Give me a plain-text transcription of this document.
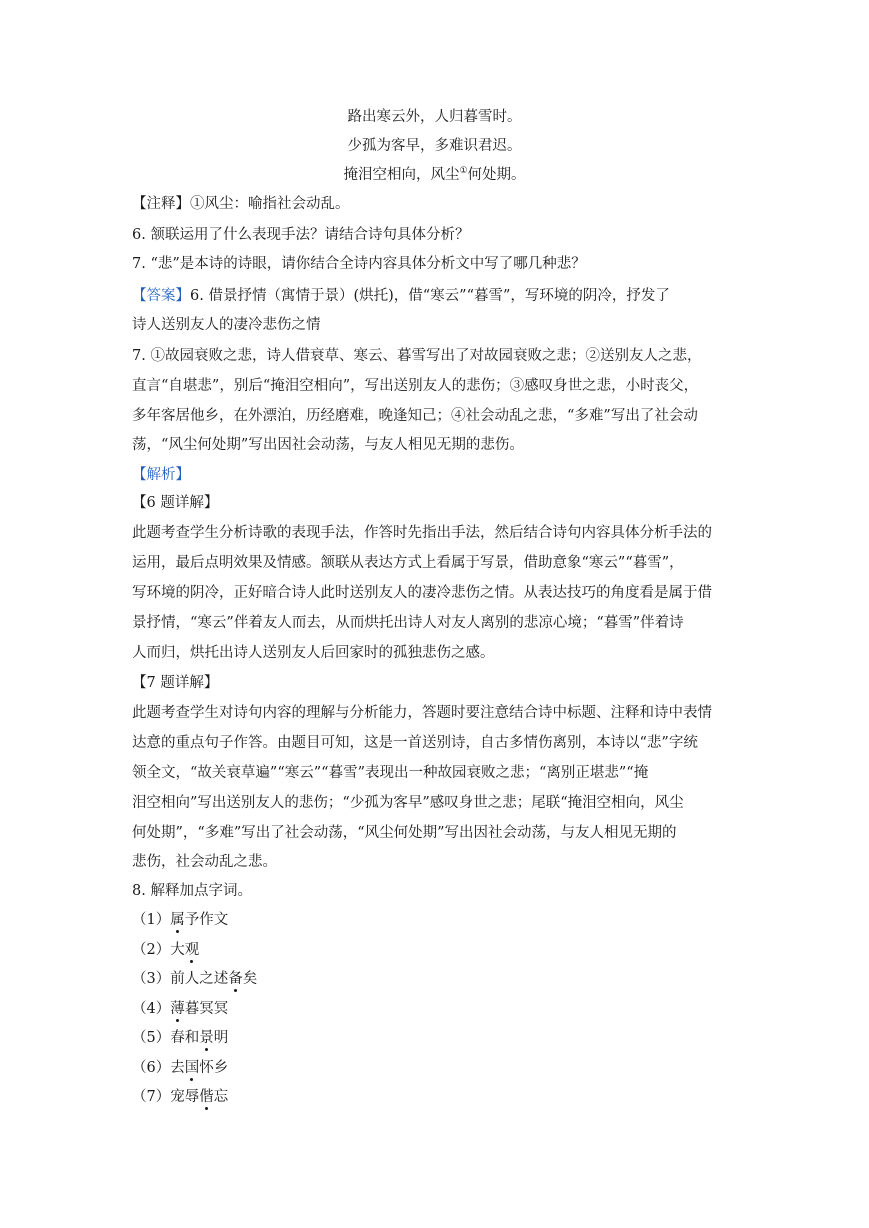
路出寒云外，人归暮雪时。
少孤为客早，多难识君迟。
掩泪空相向，风尘①何处期。
【注释】①风尘：喻指社会动乱。
6. 颔联运用了什么表现手法？请结合诗句具体分析？
7. “悲”是本诗的诗眼，请你结合全诗内容具体分析文中写了哪几种悲？
【答案】6. 借景抒情（寓情于景）(烘托)，借“寒云”“暮雪”，写环境的阴冷，抒发了
诗人送别友人的凄冷悲伤之情
7. ①故园衰败之悲，诗人借衰草、寒云、暮雪写出了对故园衰败之悲；②送别友人之悲，
直言“自堪悲”，别后“掩泪空相向”，写出送别友人的悲伤；③感叹身世之悲，小时丧父，
多年客居他乡，在外漂泊，历经磨难，晚逢知己；④社会动乱之悲，“多难”写出了社会动
荡，“风尘何处期”写出因社会动荡，与友人相见无期的悲伤。
【解析】
【6 题详解】
此题考查学生分析诗歌的表现手法，作答时先指出手法，然后结合诗句内容具体分析手法的
运用，最后点明效果及情感。颔联从表达方式上看属于写景，借助意象“寒云”“暮雪”，
写环境的阴冷，正好暗合诗人此时送别友人的凄冷悲伤之情。从表达技巧的角度看是属于借
景抒情，“寒云”伴着友人而去，从而烘托出诗人对友人离别的悲凉心境；“暮雪”伴着诗
人而归，烘托出诗人送别友人后回家时的孤独悲伤之感。
【7 题详解】
此题考查学生对诗句内容的理解与分析能力，答题时要注意结合诗中标题、注释和诗中表情
达意的重点句子作答。由题目可知，这是一首送别诗，自古多情伤离别，本诗以“悲”字统
领全文，“故关衰草遍”“寒云”“暮雪”表现出一种故园衰败之悲；“离别正堪悲”“掩
泪空相向”写出送别友人的悲伤；“少孤为客早”感叹身世之悲；尾联“掩泪空相向，风尘
何处期”，“多难”写出了社会动荡，“风尘何处期”写出因社会动荡，与友人相见无期的
悲伤，社会动乱之悲。
8. 解释加点字词。
（1）属予作文
（2）大观
（3）前人之述备矣
（4）薄暮冥冥
（5）春和景明
（6）去国怀乡
（7）宠辱偕忘
